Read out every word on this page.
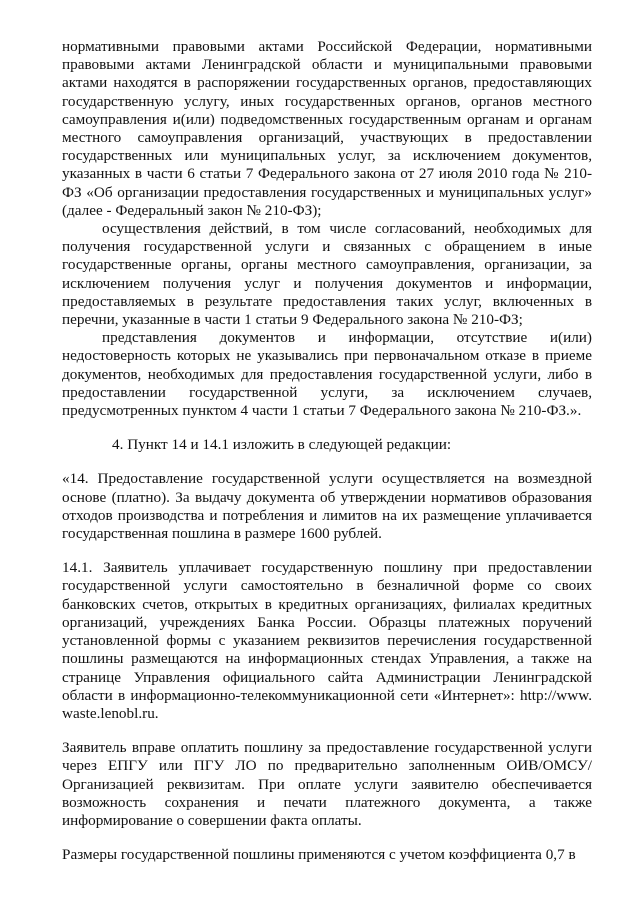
нормативными правовыми актами Российской Федерации, нормативными правовыми актами Ленинградской области и муниципальными правовыми актами находятся в распоряжении государственных органов, предоставляющих государственную услугу, иных государственных органов, органов местного самоуправления и(или) подведомственных государственным органам и органам местного самоуправления организаций, участвующих в предоставлении государственных или муниципальных услуг, за исключением документов, указанных в части 6 статьи 7 Федерального закона от 27 июля 2010 года № 210-ФЗ «Об организации предоставления государственных и муниципальных услуг» (далее - Федеральный закон № 210-ФЗ);

осуществления действий, в том числе согласований, необходимых для получения государственной услуги и связанных с обращением в иные государственные органы, органы местного самоуправления, организации, за исключением получения услуг и получения документов и информации, предоставляемых в результате предоставления таких услуг, включенных в перечни, указанные в части 1 статьи 9 Федерального закона № 210-ФЗ;

представления документов и информации, отсутствие и(или) недостоверность которых не указывались при первоначальном отказе в приеме документов, необходимых для предоставления государственной услуги, либо в предоставлении государственной услуги, за исключением случаев, предусмотренных пунктом 4 части 1 статьи 7 Федерального закона № 210-ФЗ.».

4. Пункт 14 и 14.1 изложить в следующей редакции:

«14. Предоставление государственной услуги осуществляется на возмездной основе (платно). За выдачу документа об утверждении нормативов образования отходов производства и потребления и лимитов на их размещение уплачивается государственная пошлина в размере 1600 рублей.

14.1. Заявитель уплачивает государственную пошлину при предоставлении государственной услуги самостоятельно в безналичной форме со своих банковских счетов, открытых в кредитных организациях, филиалах кредитных организаций, учреждениях Банка России. Образцы платежных поручений установленной формы с указанием реквизитов перечисления государственной пошлины размещаются на информационных стендах Управления, а также на странице Управления официального сайта Администрации Ленинградской области в информационно-телекоммуникационной сети «Интернет»: http://www. waste.lenobl.ru.

Заявитель вправе оплатить пошлину за предоставление государственной услуги через ЕПГУ или ПГУ ЛО по предварительно заполненным ОИВ/ОМСУ/Организацией реквизитам. При оплате услуги заявителю обеспечивается возможность сохранения и печати платежного документа, а также информирование о совершении факта оплаты.

Размеры государственной пошлины применяются с учетом коэффициента 0,7 в
